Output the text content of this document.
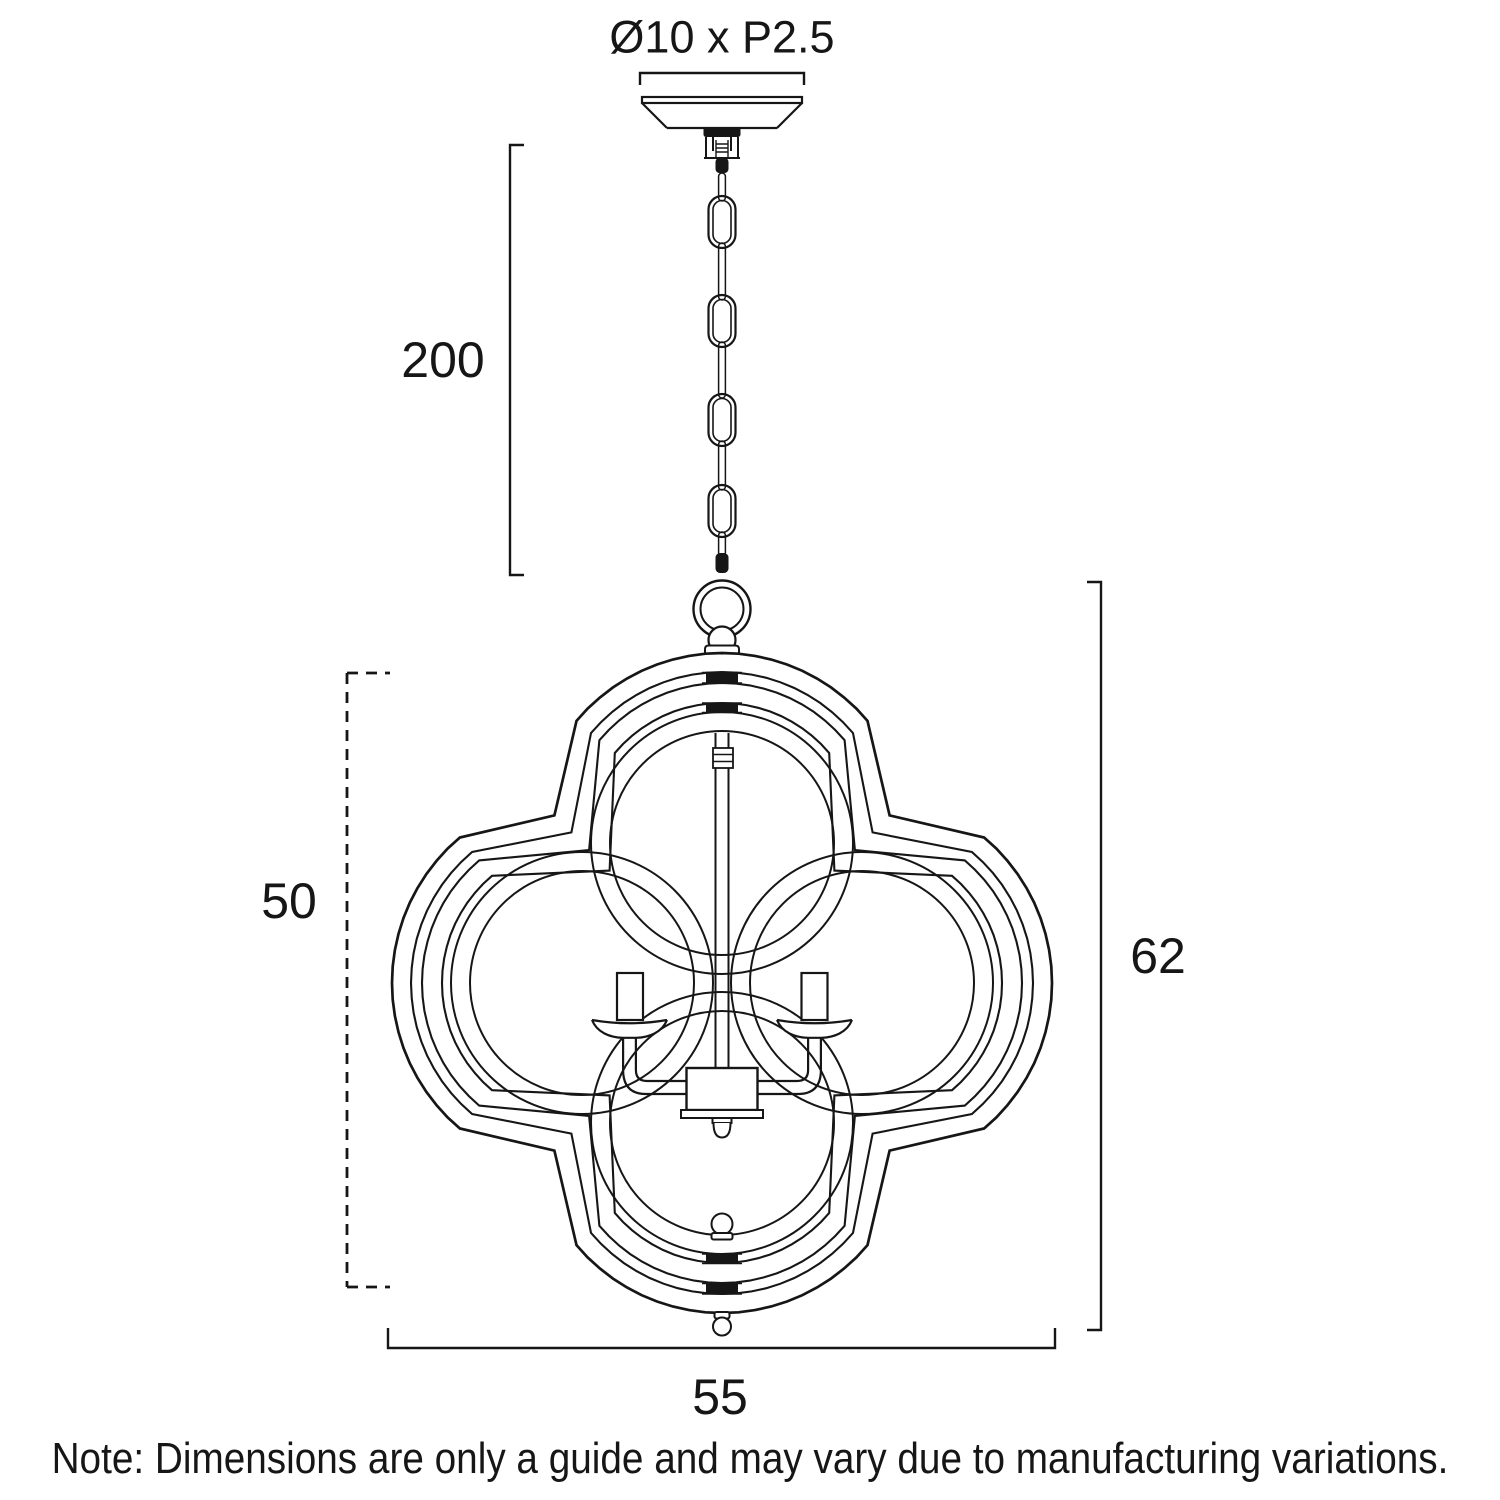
Ø10 x P2.5
200
50
62
55
Note: Dimensions are only a guide and may vary due to manufacturing variations.
